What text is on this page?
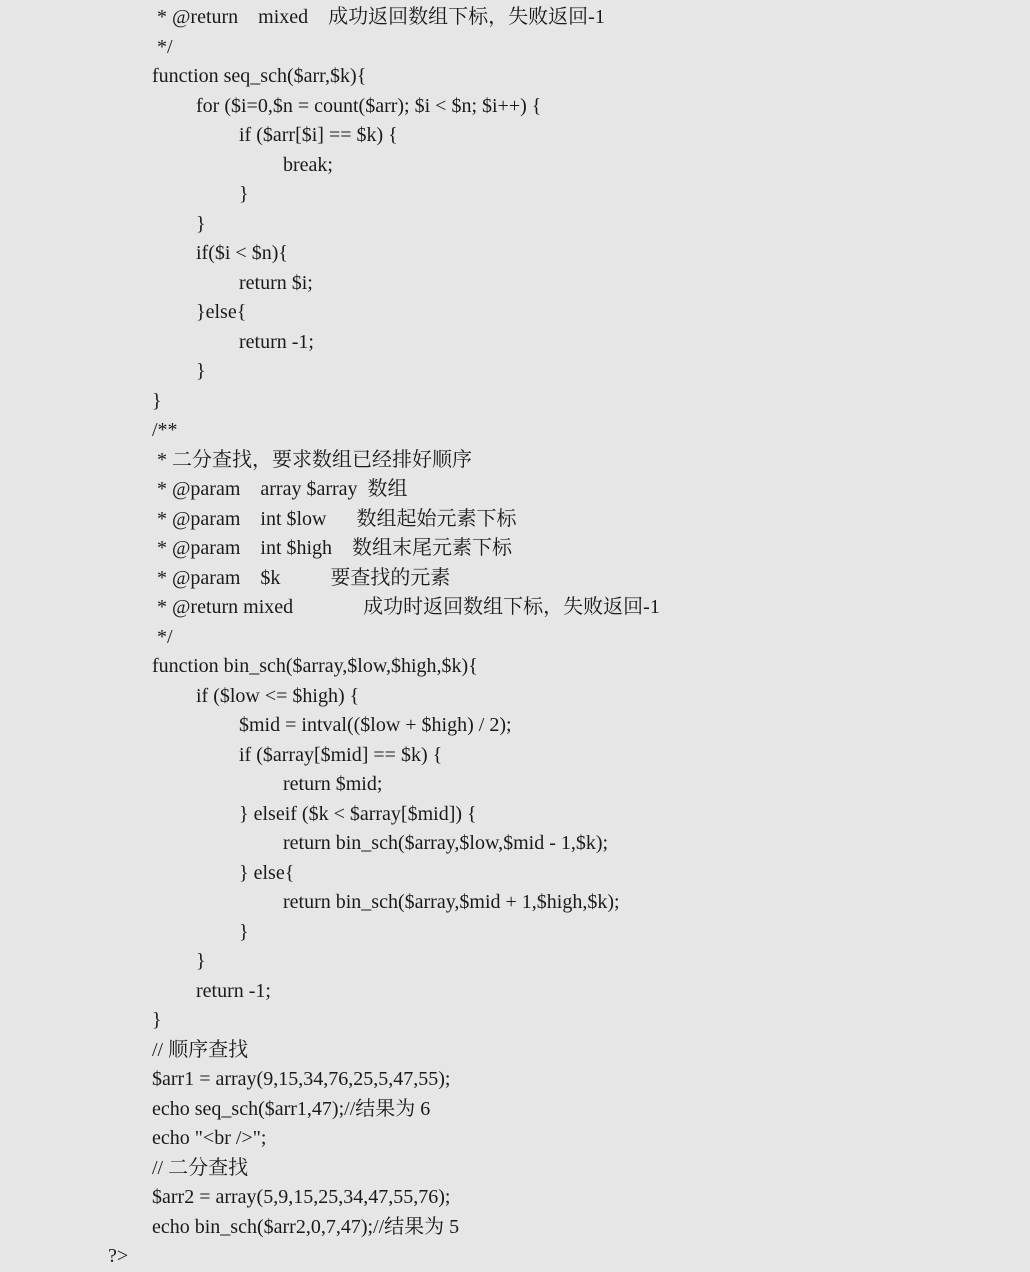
* @return    mixed    成功返回数组下标，失败返回-1
*/
function seq_sch($arr,$k){
for ($i=0,$n = count($arr); $i < $n; $i++) {
if ($arr[$i] == $k) {
break;
}
}
if($i < $n){
return $i;
}else{
return -1;
}
}
/**
* 二分查找，要求数组已经排好顺序
* @param    array $array  数组
* @param    int $low      数组起始元素下标
* @param    int $high    数组末尾元素下标
* @param    $k          要查找的元素
* @return mixed              成功时返回数组下标，失败返回-1
*/
function bin_sch($array,$low,$high,$k){
if ($low <= $high) {
$mid = intval(($low + $high) / 2);
if ($array[$mid] == $k) {
return $mid;
} elseif ($k < $array[$mid]) {
return bin_sch($array,$low,$mid - 1,$k);
} else{
return bin_sch($array,$mid + 1,$high,$k);
}
}
return -1;
}
// 顺序查找
$arr1 = array(9,15,34,76,25,5,47,55);
echo seq_sch($arr1,47);//结果为 6
echo "<br />";
// 二分查找
$arr2 = array(5,9,15,25,34,47,55,76);
echo bin_sch($arr2,0,7,47);//结果为 5
?>
